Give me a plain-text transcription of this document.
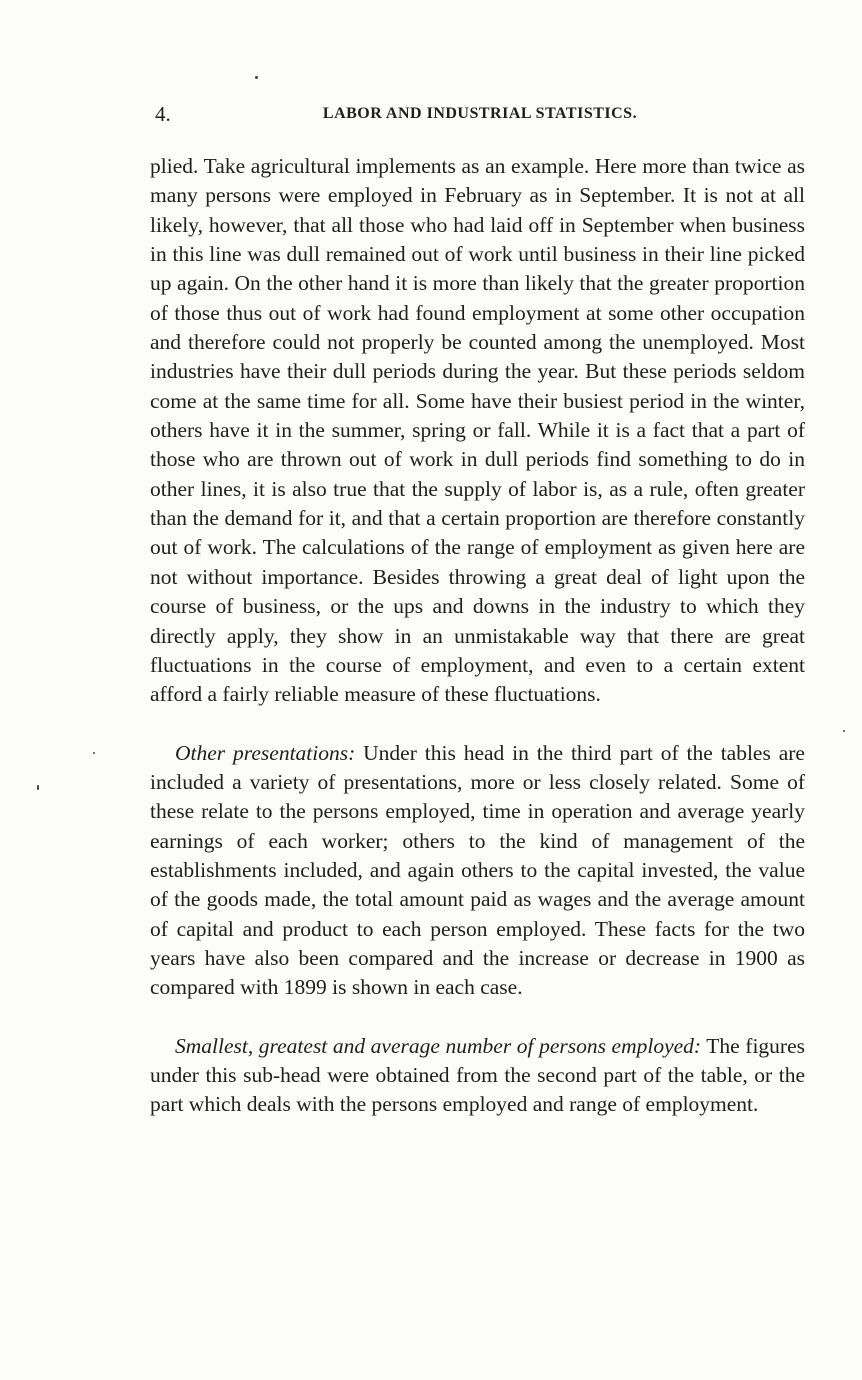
4.	LABOR AND INDUSTRIAL STATISTICS.

plied. Take agricultural implements as an example. Here more than twice as many persons were employed in February as in September. It is not at all likely, however, that all those who had laid off in September when business in this line was dull remained out of work until business in their line picked up again. On the other hand it is more than likely that the greater proportion of those thus out of work had found employment at some other occupation and therefore could not properly be counted among the unemployed. Most industries have their dull periods during the year. But these periods seldom come at the same time for all. Some have their busiest period in the winter, others have it in the summer, spring or fall. While it is a fact that a part of those who are thrown out of work in dull periods find something to do in other lines, it is also true that the supply of labor is, as a rule, often greater than the demand for it, and that a certain proportion are therefore constantly out of work. The calculations of the range of employment as given here are not without importance. Besides throwing a great deal of light upon the course of business, or the ups and downs in the industry to which they directly apply, they show in an unmistakable way that there are great fluctuations in the course of employment, and even to a certain extent afford a fairly reliable measure of these fluctuations.

Other presentations: Under this head in the third part of the tables are included a variety of presentations, more or less closely related. Some of these relate to the persons employed, time in operation and average yearly earnings of each worker; others to the kind of management of the establishments included, and again others to the capital invested, the value of the goods made, the total amount paid as wages and the average amount of capital and product to each person employed. These facts for the two years have also been compared and the increase or decrease in 1900 as compared with 1899 is shown in each case.

Smallest, greatest and average number of persons employed: The figures under this sub-head were obtained from the second part of the table, or the part which deals with the persons employed and range of employment.
